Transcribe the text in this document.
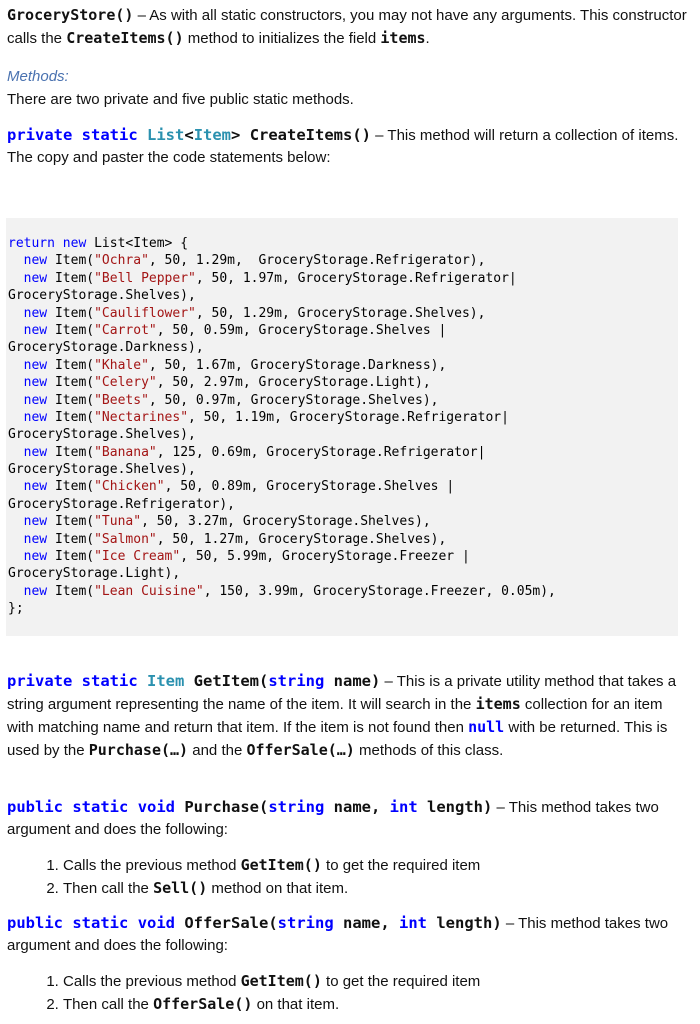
GroceryStore() – As with all static constructors, you may not have any arguments. This constructor calls the CreateItems() method to initializes the field items.

Methods:

There are two private and five public static methods.

private static List<Item> CreateItems() – This method will return a collection of items. The copy and paster the code statements below:

return new List<Item> {
new Item("Ochra", 50, 1.29m,  GroceryStorage.Refrigerator),
new Item("Bell Pepper", 50, 1.97m, GroceryStorage.Refrigerator|
GroceryStorage.Shelves),
new Item("Cauliflower", 50, 1.29m, GroceryStorage.Shelves),
new Item("Carrot", 50, 0.59m, GroceryStorage.Shelves |
GroceryStorage.Darkness),
new Item("Khale", 50, 1.67m, GroceryStorage.Darkness),
new Item("Celery", 50, 2.97m, GroceryStorage.Light),
new Item("Beets", 50, 0.97m, GroceryStorage.Shelves),
new Item("Nectarines", 50, 1.19m, GroceryStorage.Refrigerator|
GroceryStorage.Shelves),
new Item("Banana", 125, 0.69m, GroceryStorage.Refrigerator|
GroceryStorage.Shelves),
new Item("Chicken", 50, 0.89m, GroceryStorage.Shelves |
GroceryStorage.Refrigerator),
new Item("Tuna", 50, 3.27m, GroceryStorage.Shelves),
new Item("Salmon", 50, 1.27m, GroceryStorage.Shelves),
new Item("Ice Cream", 50, 5.99m, GroceryStorage.Freezer |
GroceryStorage.Light),
new Item("Lean Cuisine", 150, 3.99m, GroceryStorage.Freezer, 0.05m),
};

private static Item GetItem(string name) – This is a private utility method that takes a string argument representing the name of the item. It will search in the items collection for an item with matching name and return that item. If the item is not found then null with be returned. This is used by the Purchase(…) and the OfferSale(…) methods of this class.

public static void Purchase(string name, int length) – This method takes two argument and does the following:

1. Calls the previous method GetItem() to get the required item
2. Then call the Sell() method on that item.

public static void OfferSale(string name, int length) – This method takes two argument and does the following:

1. Calls the previous method GetItem() to get the required item
2. Then call the OfferSale() on that item.
